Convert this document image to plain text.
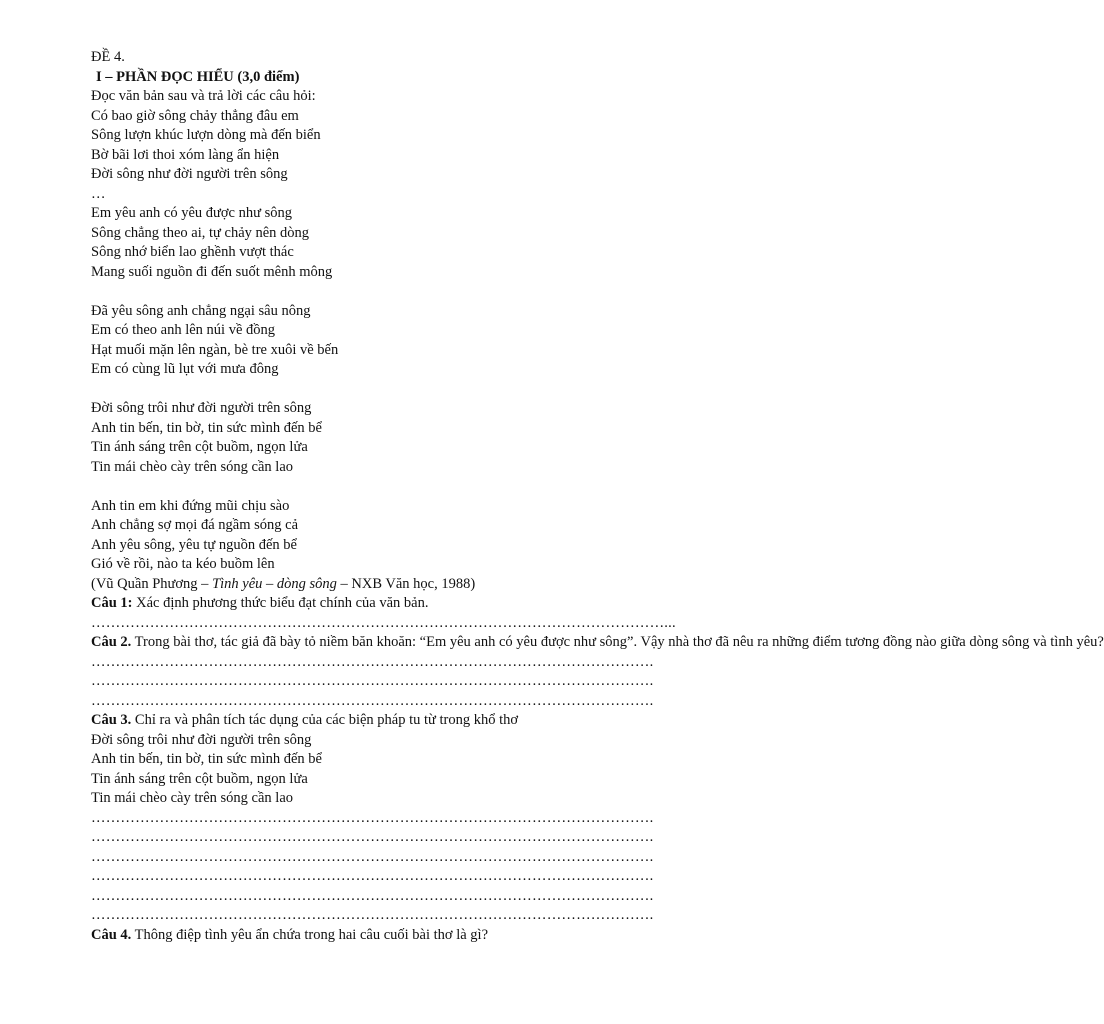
ĐỀ 4.
I – PHẦN ĐỌC HIỂU (3,0 điểm)
Đọc văn bản sau và trả lời các câu hỏi:
Có bao giờ sông chảy thẳng đâu em
Sông lượn khúc lượn dòng mà đến biển
Bờ bãi lơi thoi xóm làng ẩn hiện
Đời sông như đời người trên sông
…
Em yêu anh có yêu được như sông
Sông chẳng theo ai, tự chảy nên dòng
Sông nhớ biển lao ghềnh vượt thác
Mang suối nguồn đi đến suốt mênh mông
Đã yêu sông anh chẳng ngại sâu nông
Em có theo anh lên núi về đồng
Hạt muối mặn lên ngàn, bè tre xuôi về bến
Em có cùng lũ lụt với mưa đông
Đời sông trôi như đời người trên sông
Anh tin bến, tin bờ, tin sức mình đến bể
Tin ánh sáng trên cột buồm, ngọn lửa
Tin mái chèo cày trên sóng cần lao
Anh tin em khi đứng mũi chịu sào
Anh chẳng sợ mọi đá ngầm sóng cả
Anh yêu sông, yêu tự nguồn đến bể
Gió về rồi, nào ta kéo buồm lên
(Vũ Quần Phương – Tình yêu – dòng sông – NXB Văn học, 1988)
Câu 1: Xác định phương thức biểu đạt chính của văn bản.
………………………………………………………………………………………………………...
Câu 2. Trong bài thơ, tác giả đã bày tỏ niềm băn khoăn: “Em yêu anh có yêu được như sông”. Vậy nhà thơ đã nêu ra những điểm tương đồng nào giữa dòng sông và tình yêu?
…………………………………………………………………………………………………….
…………………………………………………………………………………………………….
…………………………………………………………………………………………………….
Câu 3. Chỉ ra và phân tích tác dụng của các biện pháp tu từ trong khổ thơ
Đời sông trôi như đời người trên sông
Anh tin bến, tin bờ, tin sức mình đến bể
Tin ánh sáng trên cột buồm, ngọn lửa
Tin mái chèo cày trên sóng cần lao
…………………………………………………………………………………………………….
…………………………………………………………………………………………………….
…………………………………………………………………………………………………….
…………………………………………………………………………………………………….
…………………………………………………………………………………………………….
…………………………………………………………………………………………………….
Câu 4. Thông điệp tình yêu ẩn chứa trong hai câu cuối bài thơ là gì?
